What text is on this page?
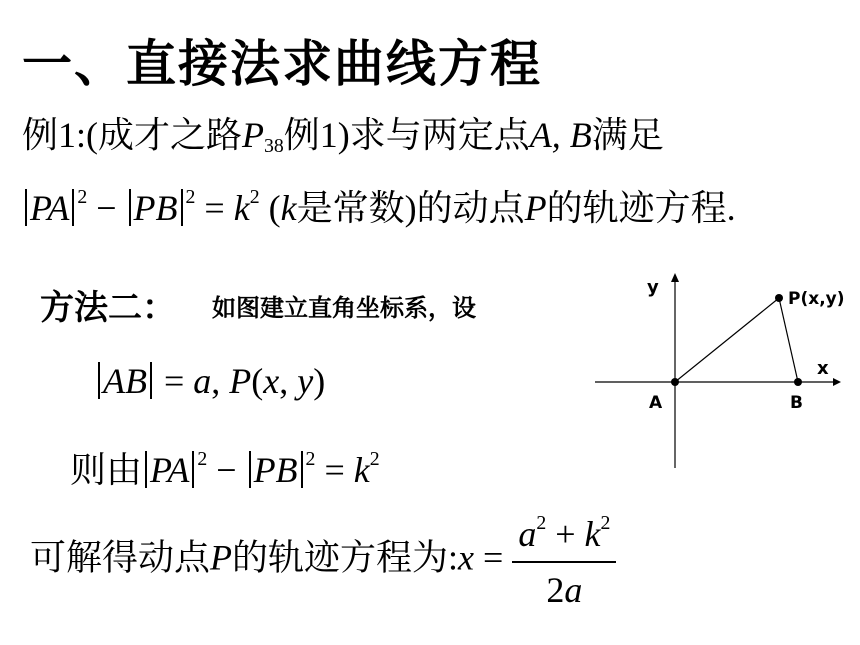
一、直接法求曲线方程
例1:(成才之路$P_{38}$例1)求与两定点A, B满足
PA $^2$ − PB $^2 = k^2$ (k是常数)的动点P的轨迹方程.
方法二： 如图建立直角坐标系，设
AB = a, P(x, y)
则由 PA $^2$ − PB $^2 = k^2$
可解得动点P的轨迹方程为:x = $\frac{a^2 + k^2}{2a}$
y
x
A	B
P(x,y)
